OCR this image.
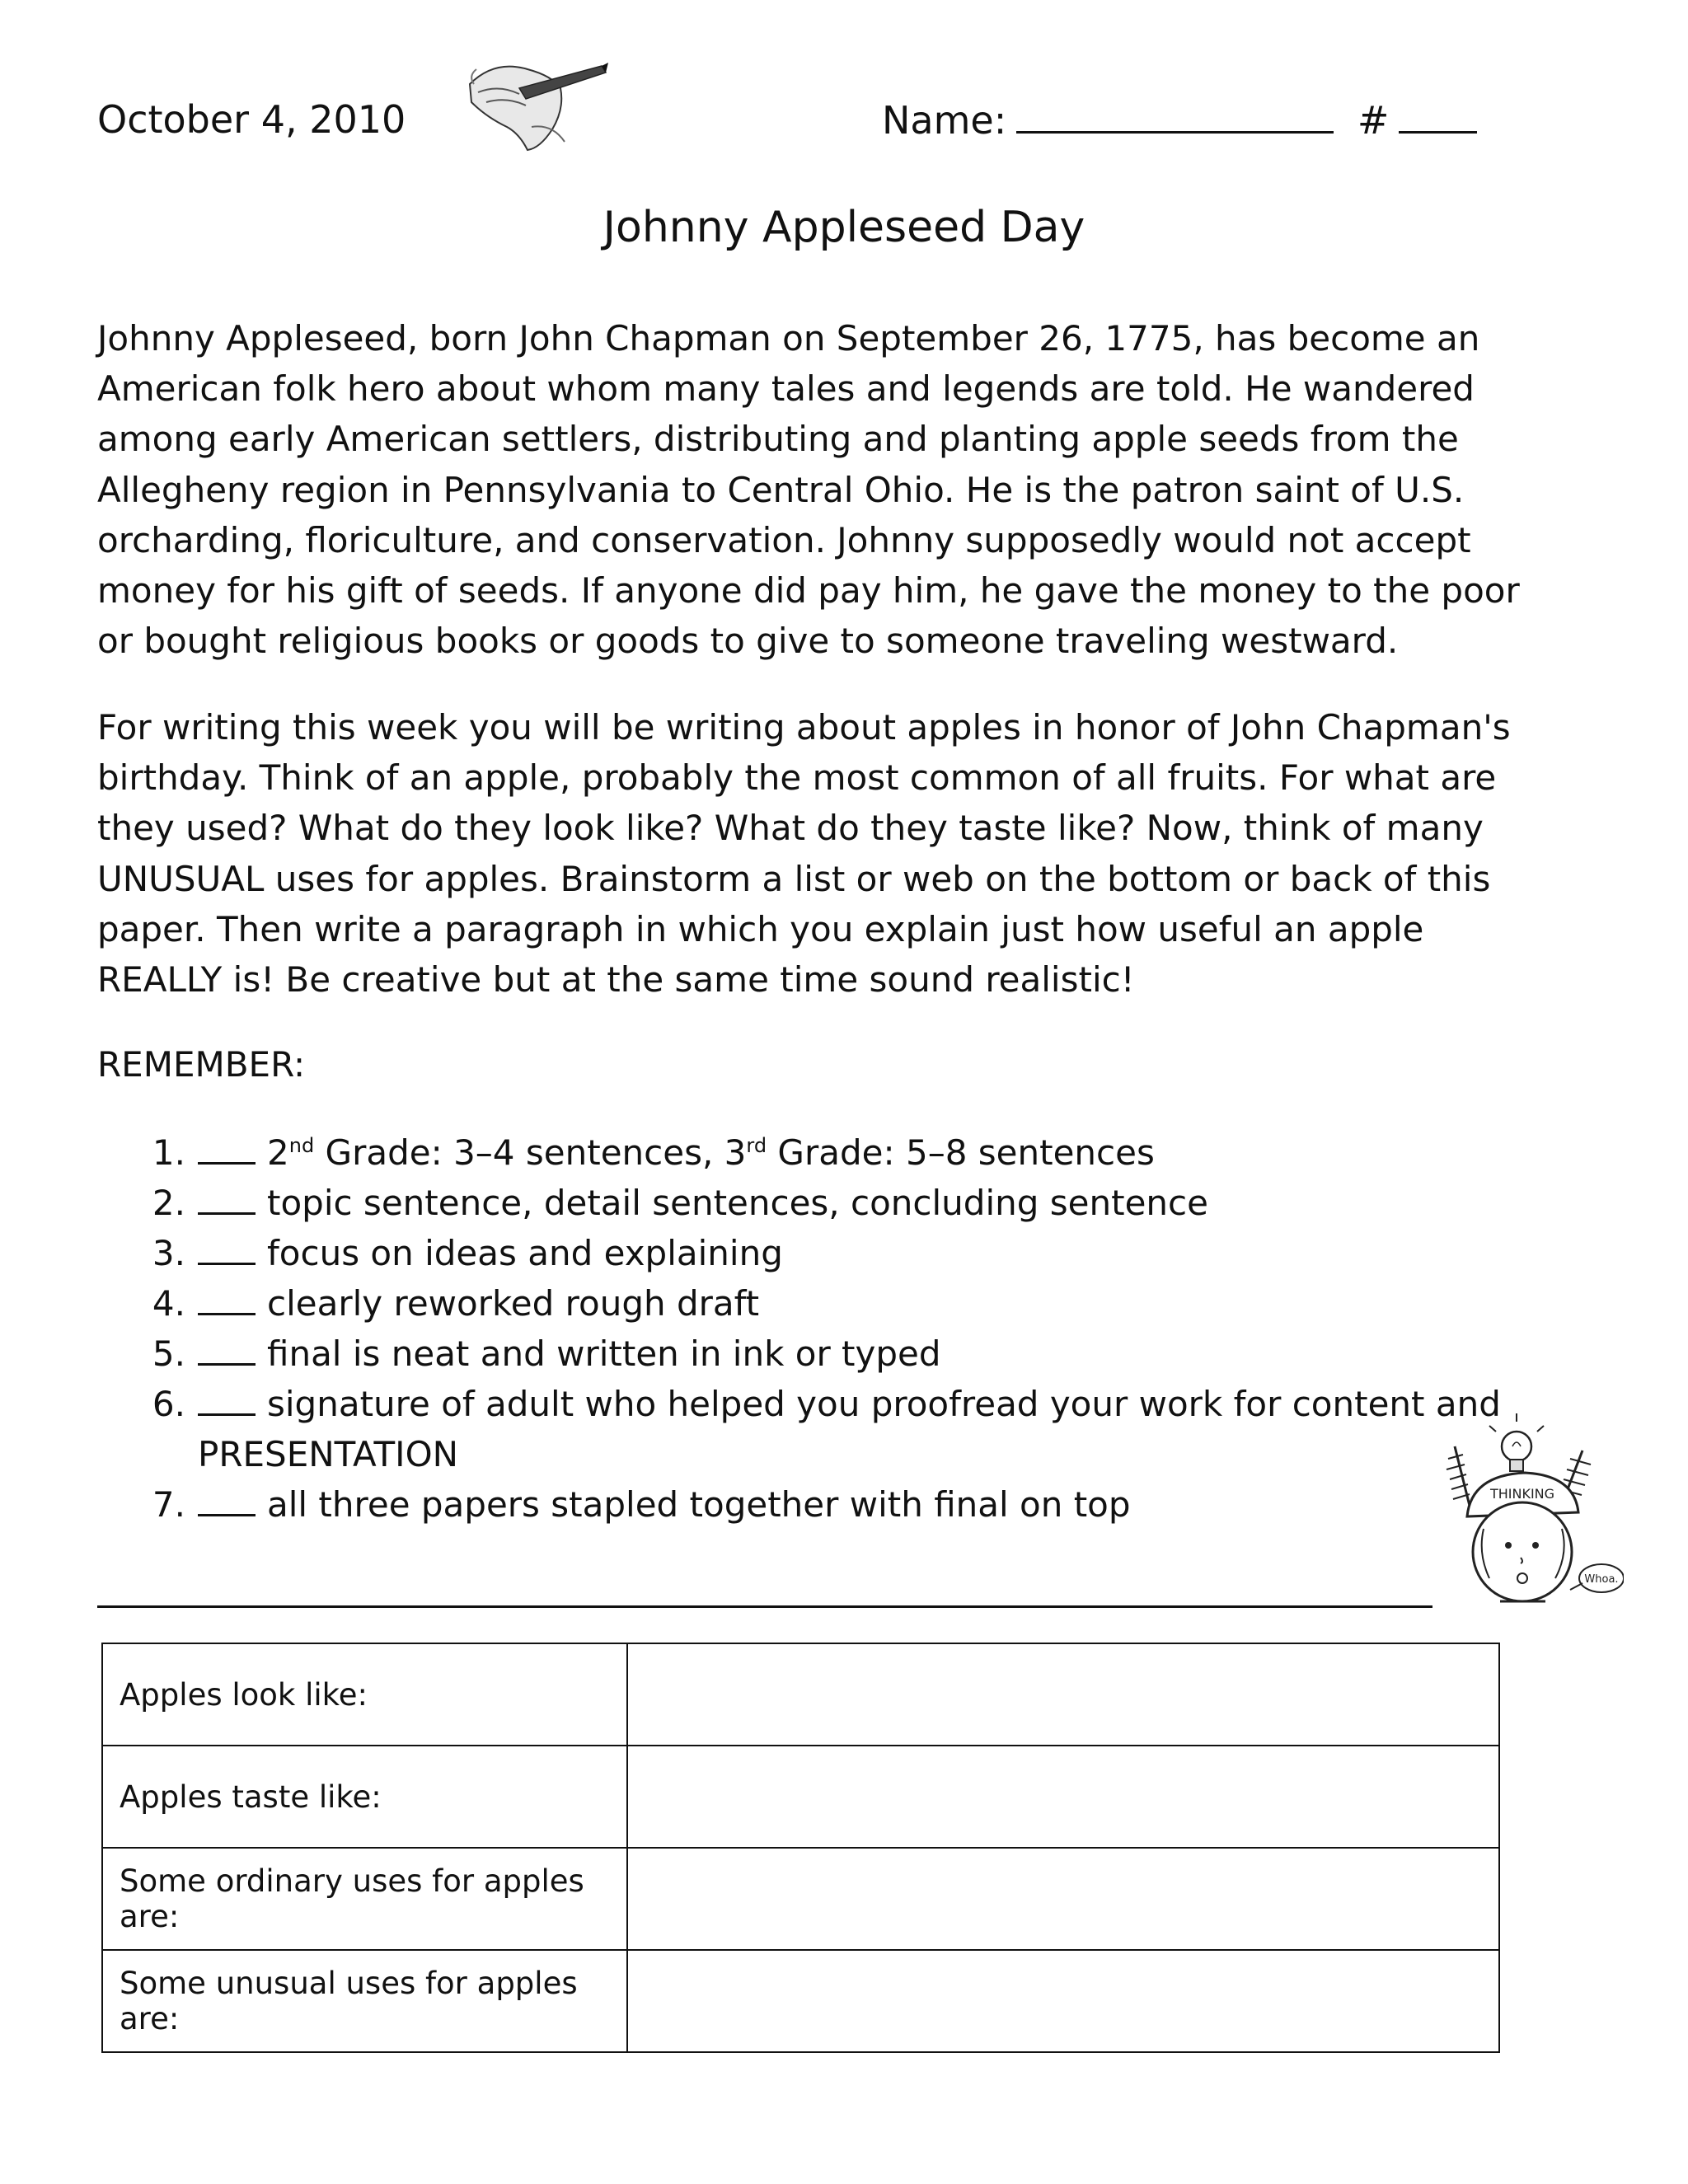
October 4, 2010	Name:	#
Johnny Appleseed Day

Johnny Appleseed, born John Chapman on September 26, 1775, has become an American folk hero about whom many tales and legends are told. He wandered among early American settlers, distributing and planting apple seeds from the Allegheny region in Pennsylvania to Central Ohio. He is the patron saint of U.S. orcharding, floriculture, and conservation. Johnny supposedly would not accept money for his gift of seeds. If anyone did pay him, he gave the money to the poor or bought religious books or goods to give to someone traveling westward.

For writing this week you will be writing about apples in honor of John Chapman's birthday. Think of an apple, probably the most common of all fruits. For what are they used? What do they look like? What do they taste like? Now, think of many UNUSUAL uses for apples. Brainstorm a list or web on the bottom or back of this paper. Then write a paragraph in which you explain just how useful an apple REALLY is! Be creative but at the same time sound realistic!

REMEMBER:
1. 2nd Grade: 3–4 sentences, 3rd Grade: 5–8 sentences
2. topic sentence, detail sentences, concluding sentence
3. focus on ideas and explaining
4. clearly reworked rough draft
5. final is neat and written in ink or typed
6. signature of adult who helped you proofread your work for content and
PRESENTATION
7. all three papers stapled together with final on top	THINKING
Whoa.
Apples look like:	
Apples taste like:	
Some ordinary uses for apples are:	
Some unusual uses for apples are:	
